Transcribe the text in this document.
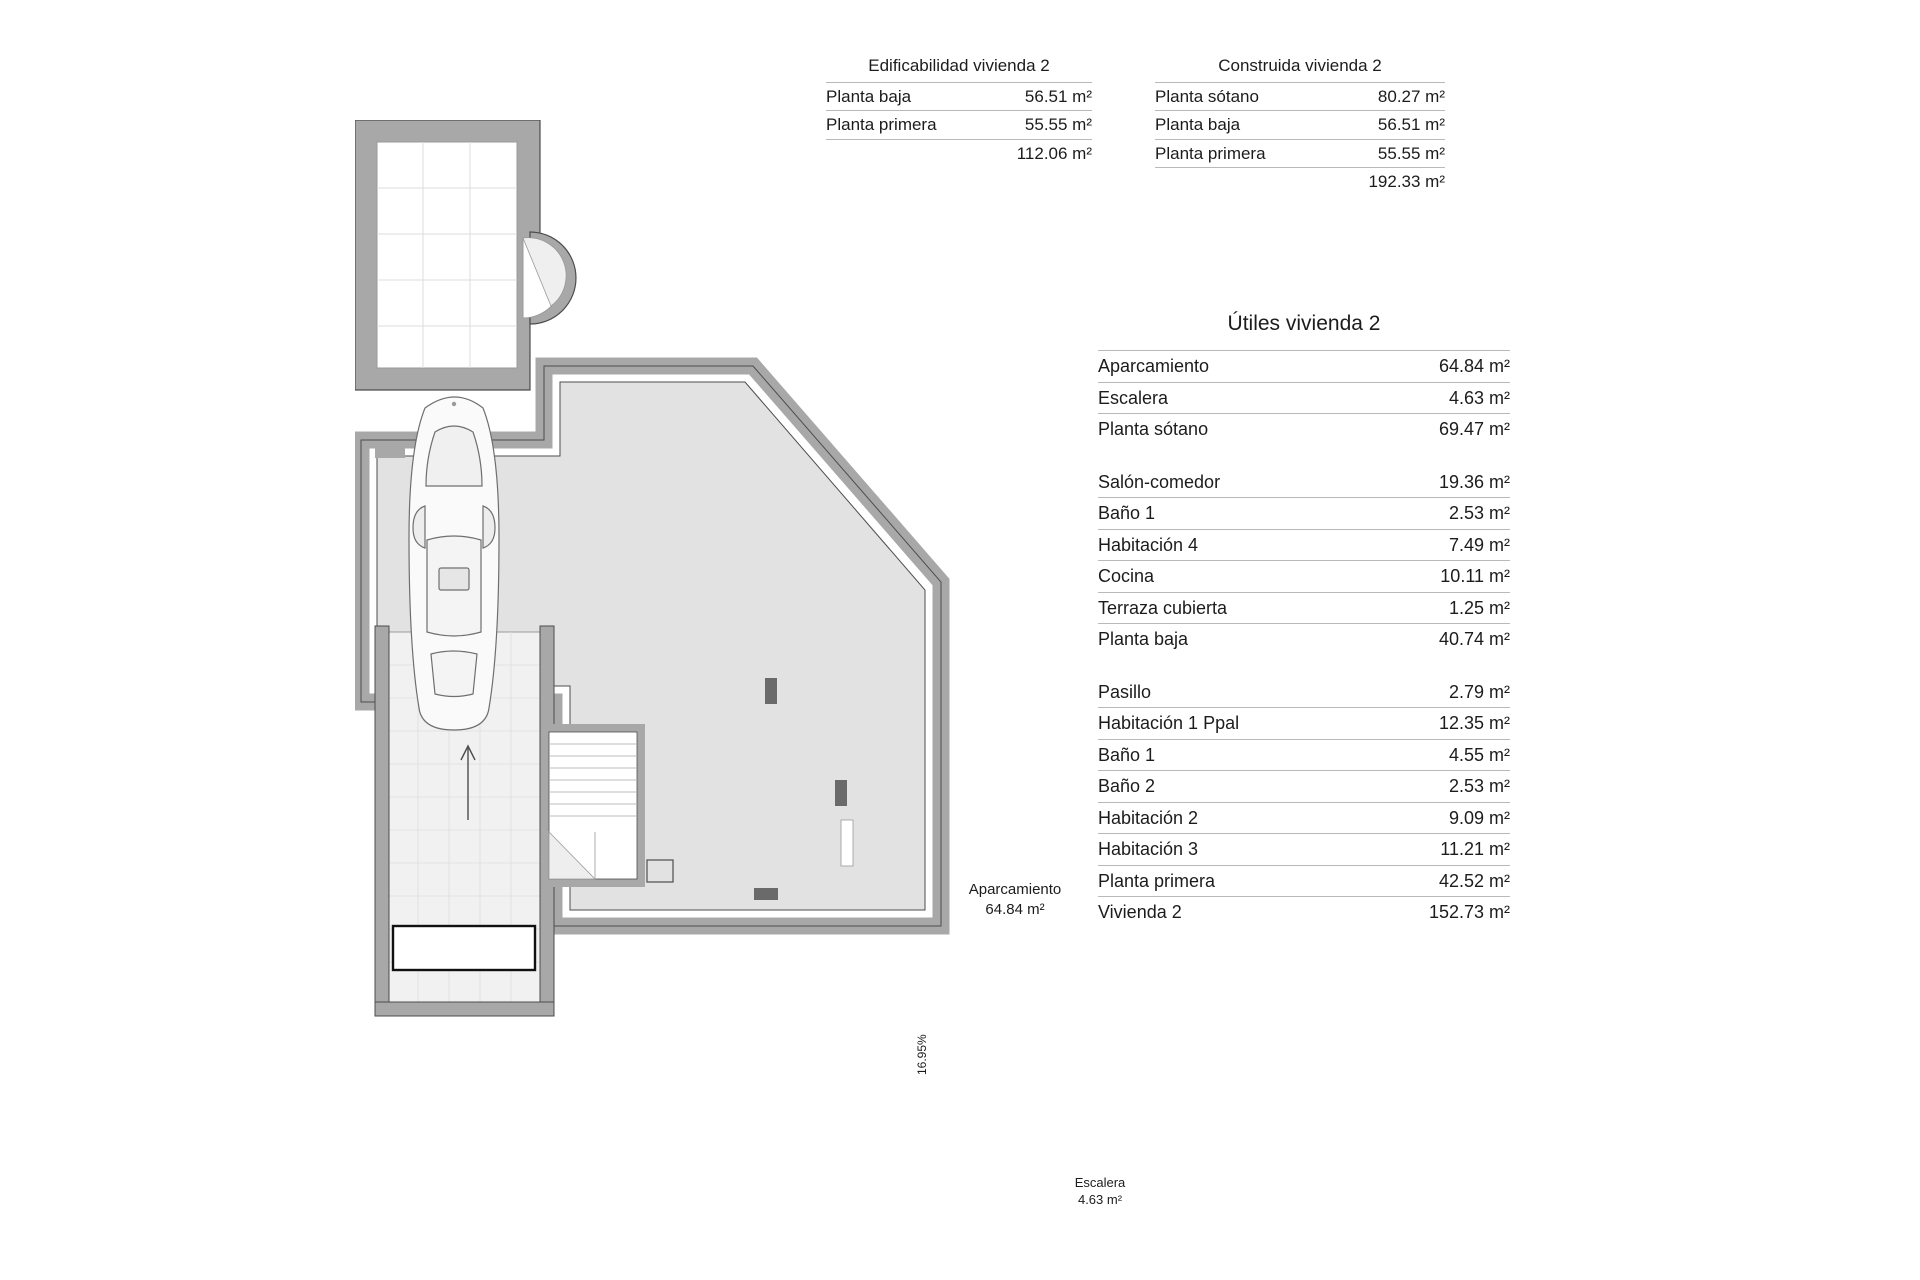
Aparcamiento
64.84 m²
Escalera
4.63 m²
16.95%
Edificabilidad vivienda 2
Planta baja	56.51 m²
Planta primera	55.55 m²
	112.06 m²
Construida vivienda 2
Planta sótano	80.27 m²
Planta baja	56.51 m²
Planta primera	55.55 m²
	192.33 m²
Útiles vivienda 2
Aparcamiento	64.84 m²
Escalera	4.63 m²
Planta sótano	69.47 m²

Salón-comedor	19.36 m²
Baño 1	2.53 m²
Habitación 4	7.49 m²
Cocina	10.11 m²
Terraza cubierta	1.25 m²
Planta baja	40.74 m²

Pasillo	2.79 m²
Habitación 1 Ppal	12.35 m²
Baño 1	4.55 m²
Baño 2	2.53 m²
Habitación 2	9.09 m²
Habitación 3	11.21 m²
Planta primera	42.52 m²
Vivienda 2	152.73 m²
